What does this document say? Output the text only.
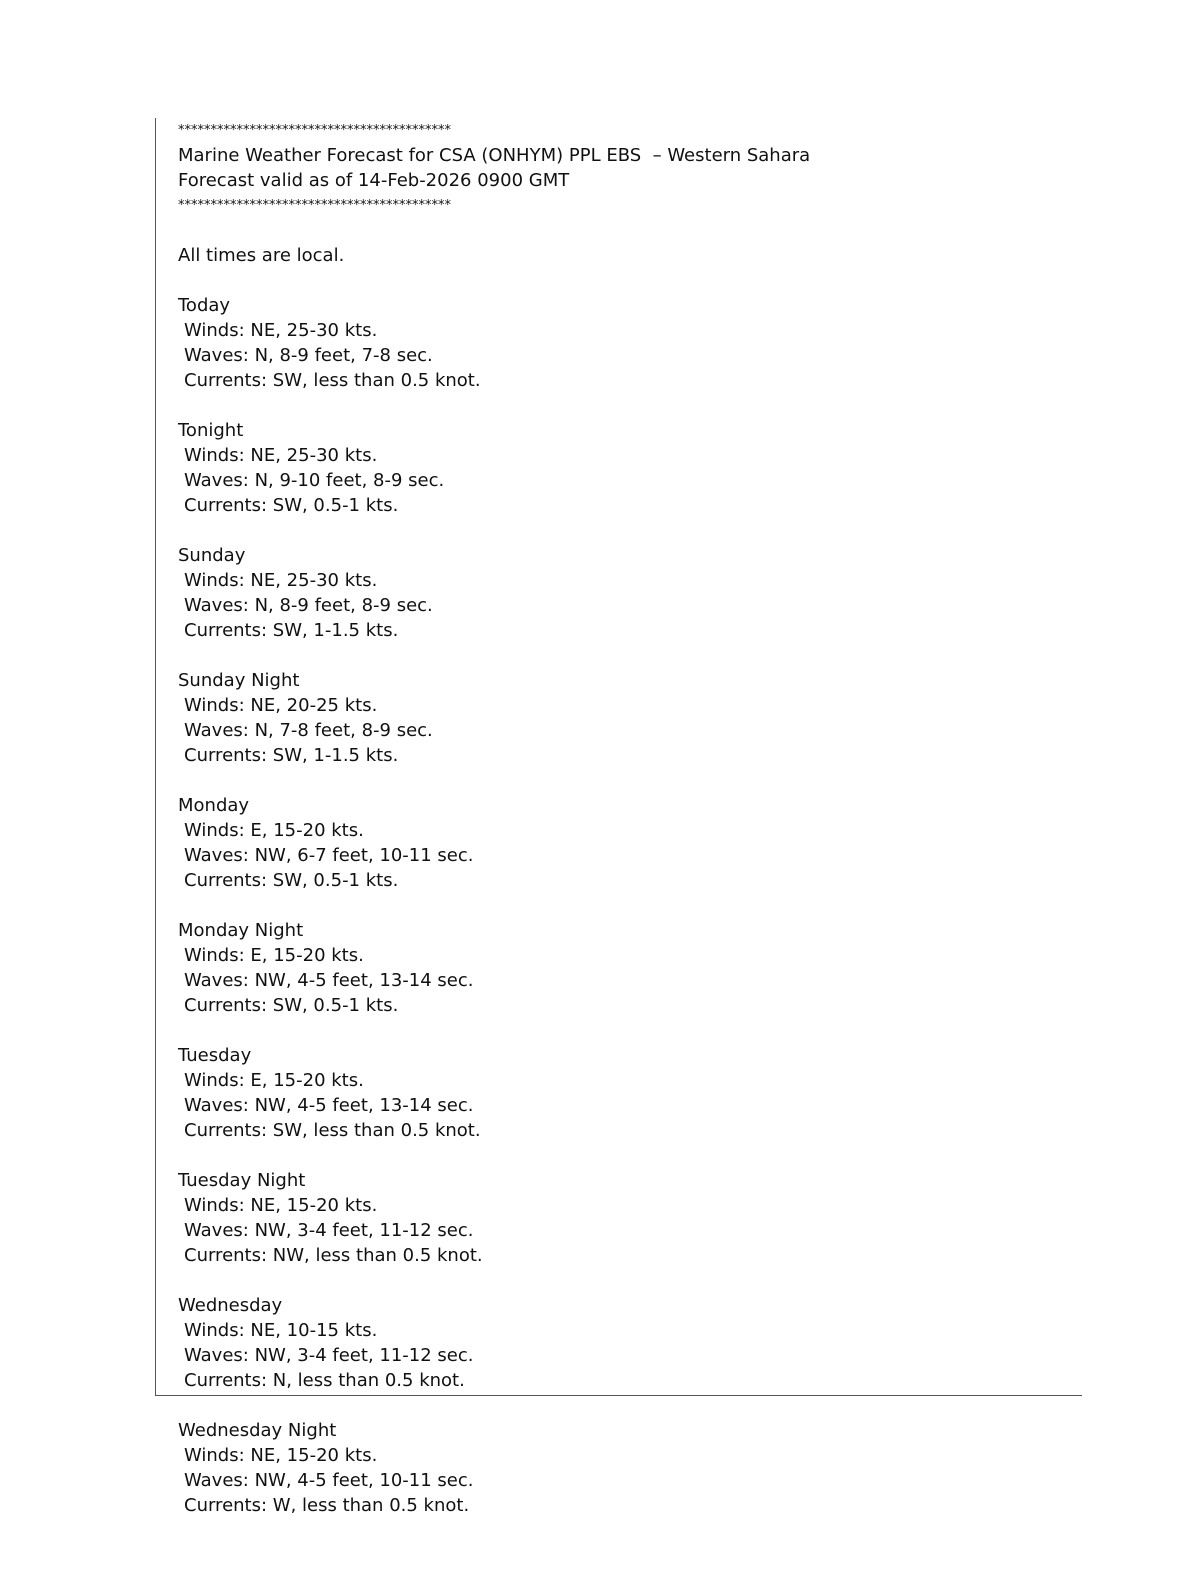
******************************************
Marine Weather Forecast for CSA (ONHYM) PPL EBS  – Western Sahara
Forecast valid as of 14-Feb-2026 0900 GMT
******************************************
All times are local.
Today
Winds: NE, 25-30 kts.
Waves: N, 8-9 feet, 7-8 sec.
Currents: SW, less than 0.5 knot.
Tonight
Winds: NE, 25-30 kts.
Waves: N, 9-10 feet, 8-9 sec.
Currents: SW, 0.5-1 kts.
Sunday
Winds: NE, 25-30 kts.
Waves: N, 8-9 feet, 8-9 sec.
Currents: SW, 1-1.5 kts.
Sunday Night
Winds: NE, 20-25 kts.
Waves: N, 7-8 feet, 8-9 sec.
Currents: SW, 1-1.5 kts.
Monday
Winds: E, 15-20 kts.
Waves: NW, 6-7 feet, 10-11 sec.
Currents: SW, 0.5-1 kts.
Monday Night
Winds: E, 15-20 kts.
Waves: NW, 4-5 feet, 13-14 sec.
Currents: SW, 0.5-1 kts.
Tuesday
Winds: E, 15-20 kts.
Waves: NW, 4-5 feet, 13-14 sec.
Currents: SW, less than 0.5 knot.
Tuesday Night
Winds: NE, 15-20 kts.
Waves: NW, 3-4 feet, 11-12 sec.
Currents: NW, less than 0.5 knot.
Wednesday
Winds: NE, 10-15 kts.
Waves: NW, 3-4 feet, 11-12 sec.
Currents: N, less than 0.5 knot.
Wednesday Night
Winds: NE, 15-20 kts.
Waves: NW, 4-5 feet, 10-11 sec.
Currents: W, less than 0.5 knot.
